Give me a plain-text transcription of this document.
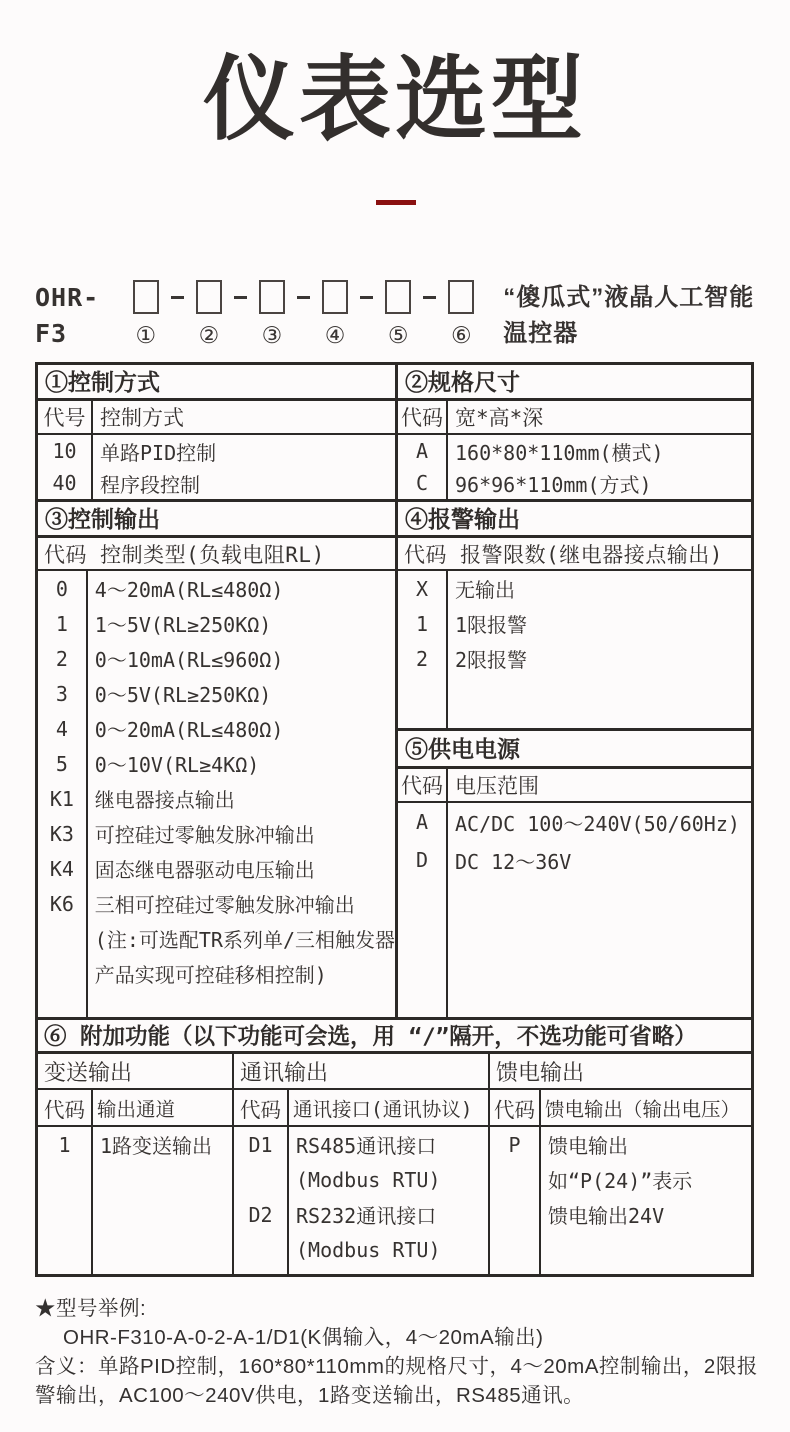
仪表选型
OHR-F3	① ② ③ ④ ⑤ ⑥
“傻瓜式”液晶人工智能温控器
①控制方式
代号 控制方式
10
40
单路PID控制
程序段控制
③控制输出
代码 控制类型(负载电阻RL)
0
1
2
3
4
5
K1
K3
K4
K6
4～20mA(RL≤480Ω)
1～5V(RL≥250KΩ)
0～10mA(RL≤960Ω)
0～5V(RL≥250KΩ)
0～20mA(RL≤480Ω)
0～10V(RL≥4KΩ)
继电器接点输出
可控硅过零触发脉冲输出
固态继电器驱动电压输出
三相可控硅过零触发脉冲输出
(注:可选配TR系列单/三相触发器
产品实现可控硅移相控制)
②规格尺寸
代码 宽*高*深
A
C
160*80*110mm(横式)
96*96*110mm(方式)
④报警输出
代码 报警限数(继电器接点输出)
X
1
2
无输出
1限报警
2限报警
⑤供电电源
代码 电压范围
A
D
AC/DC 100～240V(50/60Hz)
DC 12～36V
⑥ 附加功能（以下功能可会选，用 “/”隔开，不选功能可省略）
变送输出
代码 输出通道
1 1路变送输出
通讯输出
代码 通讯接口(通讯协议)
D1
D2
RS485通讯接口
(Modbus RTU)
RS232通讯接口
(Modbus RTU)
馈电输出
代码 馈电输出（输出电压）
P 馈电输出
如“P(24)”表示
馈电输出24V
★型号举例:
OHR-F310-A-0-2-A-1/D1(K偶输入，4～20mA输出)
含义：单路PID控制，160*80*110mm的规格尺寸，4～20mA控制输出，2限报警输出，AC100～240V供电，1路变送输出，RS485通讯。
